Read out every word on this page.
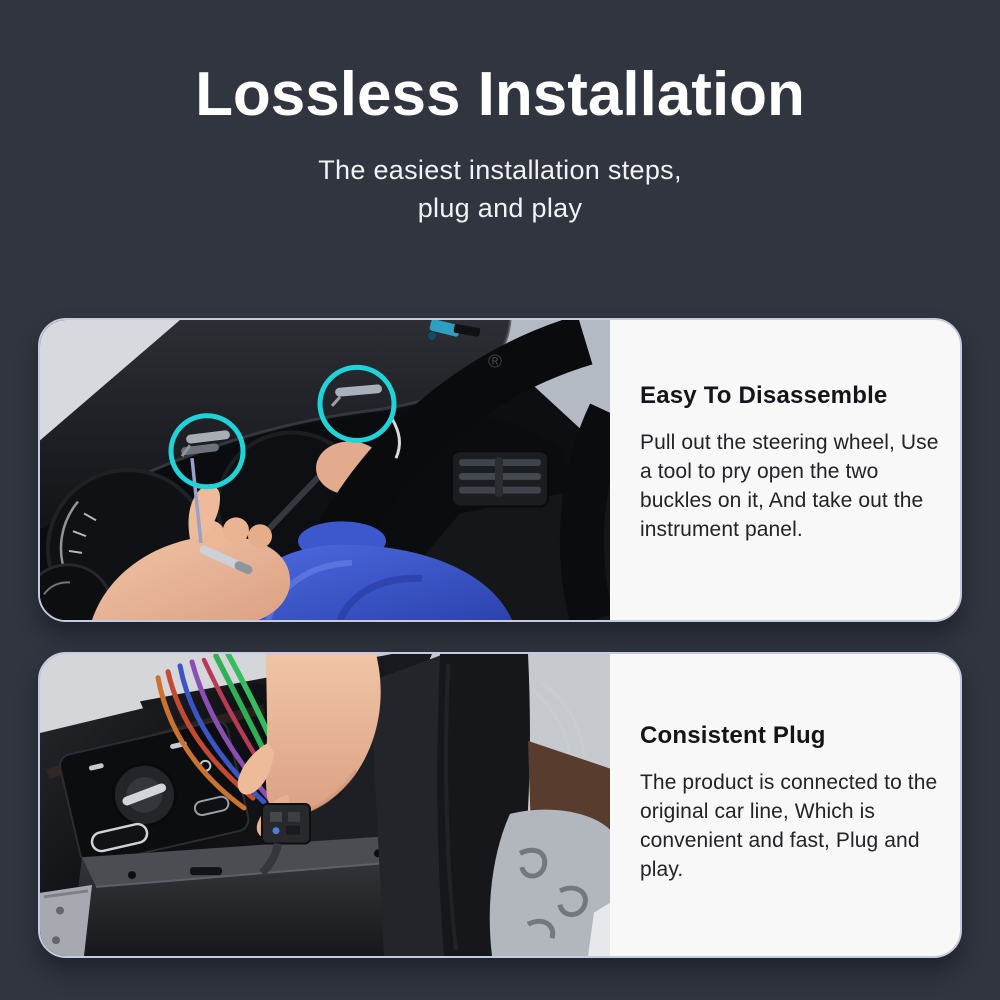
Lossless Installation

The easiest installation steps,
plug and play

®
Easy To Disassemble

Pull out the steering wheel, Use a tool to pry open the two buckles on it, And take out the instrument panel.

Consistent Plug

The product is connected to the original car line, Which is convenient and fast, Plug and play.
